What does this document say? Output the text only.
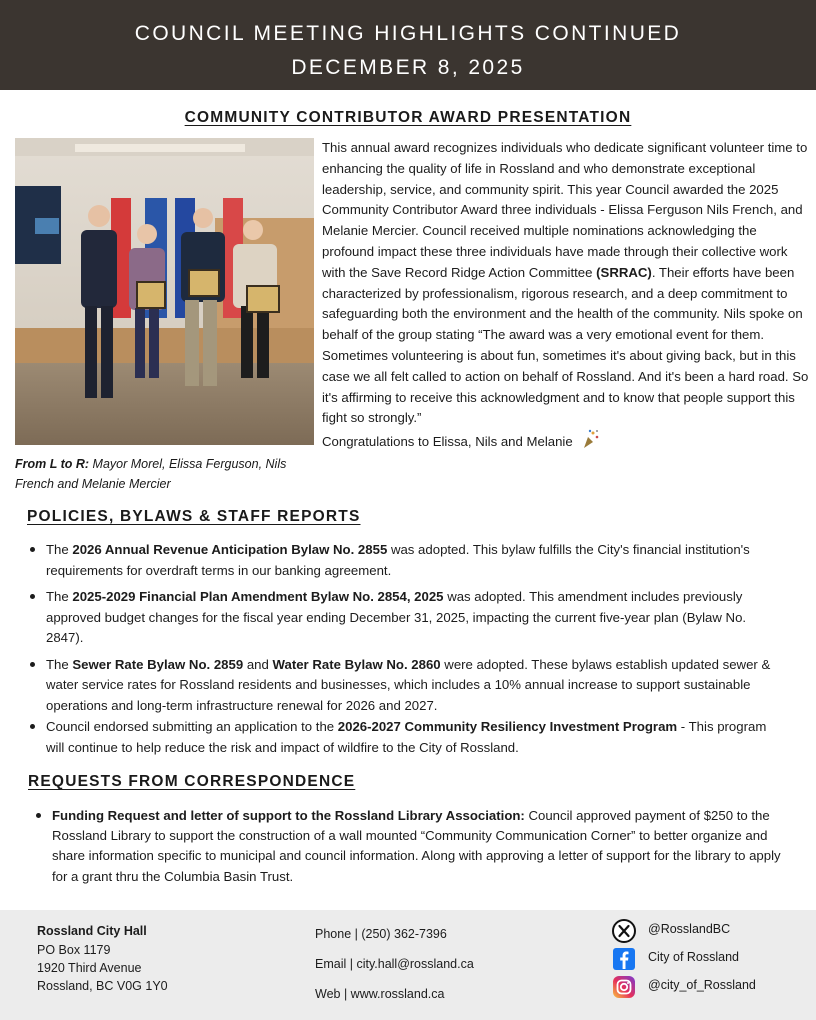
COUNCIL MEETING HIGHLIGHTS CONTINUED
DECEMBER 8, 2025
COMMUNITY CONTRIBUTOR AWARD PRESENTATION
From L to R: Mayor Morel, Elissa Ferguson, Nils French and Melanie Mercier

This annual award recognizes individuals who dedicate significant volunteer time to enhancing the quality of life in Rossland and who demonstrate exceptional leadership, service, and community spirit. This year Council awarded the 2025 Community Contributor Award three individuals - Elissa Ferguson Nils French, and Melanie Mercier. Council received multiple nominations acknowledging the profound impact these three individuals have made through their collective work with the Save Record Ridge Action Committee (SRRAC). Their efforts have been characterized by professionalism, rigorous research, and a deep commitment to safeguarding both the environment and the health of the community. Nils spoke on behalf of the group stating “The award was a very emotional event for them. Sometimes volunteering is about fun, sometimes it's about giving back, but in this case we all felt called to action on behalf of Rossland. And it's been a hard road. So it's affirming to receive this acknowledgment and to know that people support this fight so strongly.”

Congratulations to Elissa, Nils and Melanie

POLICIES, BYLAWS & STAFF REPORTS
The 2026 Annual Revenue Anticipation Bylaw No. 2855 was adopted. This bylaw fulfills the City's financial institution's requirements for overdraft terms in our banking agreement.
The 2025-2029 Financial Plan Amendment Bylaw No. 2854, 2025 was adopted. This amendment includes previously approved budget changes for the fiscal year ending December 31, 2025, impacting the current five-year plan (Bylaw No. 2847).
The Sewer Rate Bylaw No. 2859 and Water Rate Bylaw No. 2860 were adopted. These bylaws establish updated sewer & water service rates for Rossland residents and businesses, which includes a 10% annual increase to support sustainable operations and long-term infrastructure renewal for 2026 and 2027.
Council endorsed submitting an application to the 2026-2027 Community Resiliency Investment Program - This program will continue to help reduce the risk and impact of wildfire to the City of Rossland.
REQUESTS FROM CORRESPONDENCE
Funding Request and letter of support to the Rossland Library Association: Council approved payment of $250 to the Rossland Library to support the construction of a wall mounted “Community Communication Corner” to better organize and share information specific to municipal and council information. Along with approving a letter of support for the library to apply for a grant thru the Columbia Basin Trust.
Rossland City Hall
PO Box 1179
1920 Third Avenue
Rossland, BC V0G 1Y0
Phone | (250) 362-7396
Email | city.hall@rossland.ca
Web | www.rossland.ca
@RosslandBC
City of Rossland
@city_of_Rossland
